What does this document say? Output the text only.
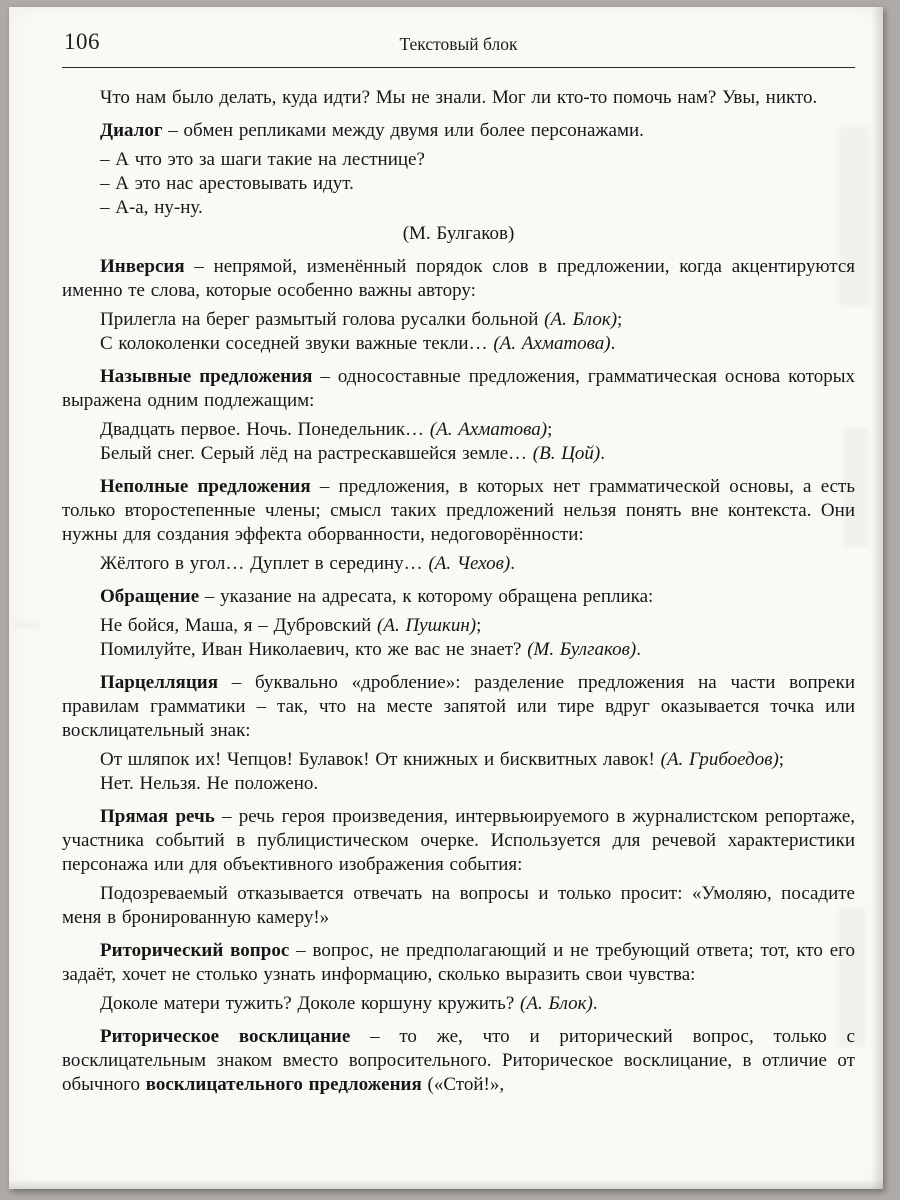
106	Текстовый блок

Что нам было делать, куда идти? Мы не знали. Мог ли кто-то помочь нам? Увы, никто.

Диалог – обмен репликами между двумя или более персонажами.

– А что это за шаги такие на лестнице?

– А это нас арестовывать идут.

– А-а, ну-ну.

(М. Булгаков)

Инверсия – непрямой, изменённый порядок слов в предложении, когда акцентируются именно те слова, которые особенно важны автору:

Прилегла на берег размытый голова русалки больной (А. Блок);

С колоколенки соседней звуки важные текли… (А. Ахматова).

Назывные предложения – односоставные предложения, грамматическая основа которых выражена одним подлежащим:

Двадцать первое. Ночь. Понедельник… (А. Ахматова);

Белый снег. Серый лёд на растрескавшейся земле… (В. Цой).

Неполные предложения – предложения, в которых нет грамматической основы, а есть только второстепенные члены; смысл таких предложений нельзя понять вне контекста. Они нужны для создания эффекта оборванности, недоговорённости:

Жёлтого в угол… Дуплет в середину… (А. Чехов).

Обращение – указание на адресата, к которому обращена реплика:

Не бойся, Маша, я – Дубровский (А. Пушкин);

Помилуйте, Иван Николаевич, кто же вас не знает? (М. Булгаков).

Парцелляция – буквально «дробление»: разделение предложения на части вопреки правилам грамматики – так, что на месте запятой или тире вдруг оказывается точка или восклицательный знак:

От шляпок их! Чепцов! Булавок! От книжных и бисквитных лавок! (А. Грибоедов);

Нет. Нельзя. Не положено.

Прямая речь – речь героя произведения, интервьюируемого в журналистском репортаже, участника событий в публицистическом очерке. Используется для речевой характеристики персонажа или для объективного изображения события:

Подозреваемый отказывается отвечать на вопросы и только просит: «Умоляю, посадите меня в бронированную камеру!»

Риторический вопрос – вопрос, не предполагающий и не требующий ответа; тот, кто его задаёт, хочет не столько узнать информацию, сколько выразить свои чувства:

Доколе матери тужить? Доколе коршуну кружить? (А. Блок).

Риторическое восклицание – то же, что и риторический вопрос, только с восклицательным знаком вместо вопросительного. Риторическое восклицание, в отличие от обычного восклицательного предложения («Стой!»,
